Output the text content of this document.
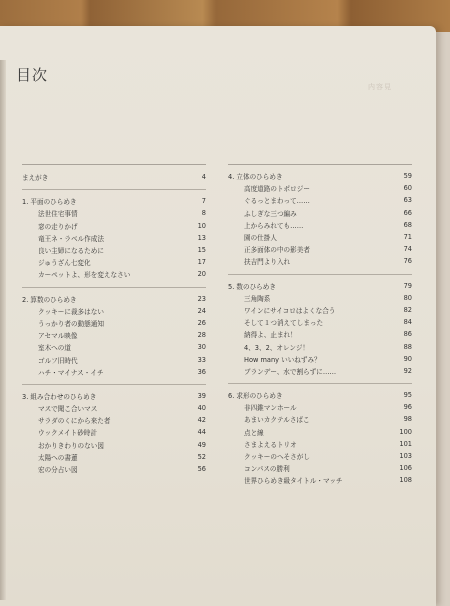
目次
内容見
まえがき	4
1. 平面のひらめき	7
法世住宅事情	8
窓の走りかげ	10
竜王ネ・ラベル作成法	13
良い主婦になるために	15
ジゅうざん七変化	17
カーペットよ、形を変えなさい	20
2. 算数のひらめき	23
クッキーに裁多はない	24
うっかり者の動態通知	26
アセマル映像	28
室木への道	30
ゴルフ旧時代	33
ハチ・マイナス・イチ	36
3. 組み合わせのひらめき	39
マスで聞こ合いマス	40
サラダのくにから来た者	42
ウックメイト砂時計	44
おかりきわりのない図	49
太陽への書蓮	52
宏の分占い図	56
4. 立体のひらめき	59
高度道路のトポロジー	60
ぐるっとまわって……	63
ふしぎな三つ編み	66
上からみれても……	68
園の仕掛人	71
正多面体の中の影美者	74
扶吉門より入れ	76
5. 数のひらめき	79
三角陶系	80
ワインにサイコロはよくな合う	82
そして１つ消えてしまった	84
納得よ、止まれ！	86
4、3、2、オレンジ！	88
How many いいねずみ？	90
ブランデー、水で割らずに……	92
6. 求形のひらめき	95
非四錐マンホール	96
あまいカクテルさばこ	98
点と線	100
さまよえるトリオ	101
クッキーのへそさがし	103
コンパスの勝利	106
世界ひらめき級タイトル・マッチ	108
